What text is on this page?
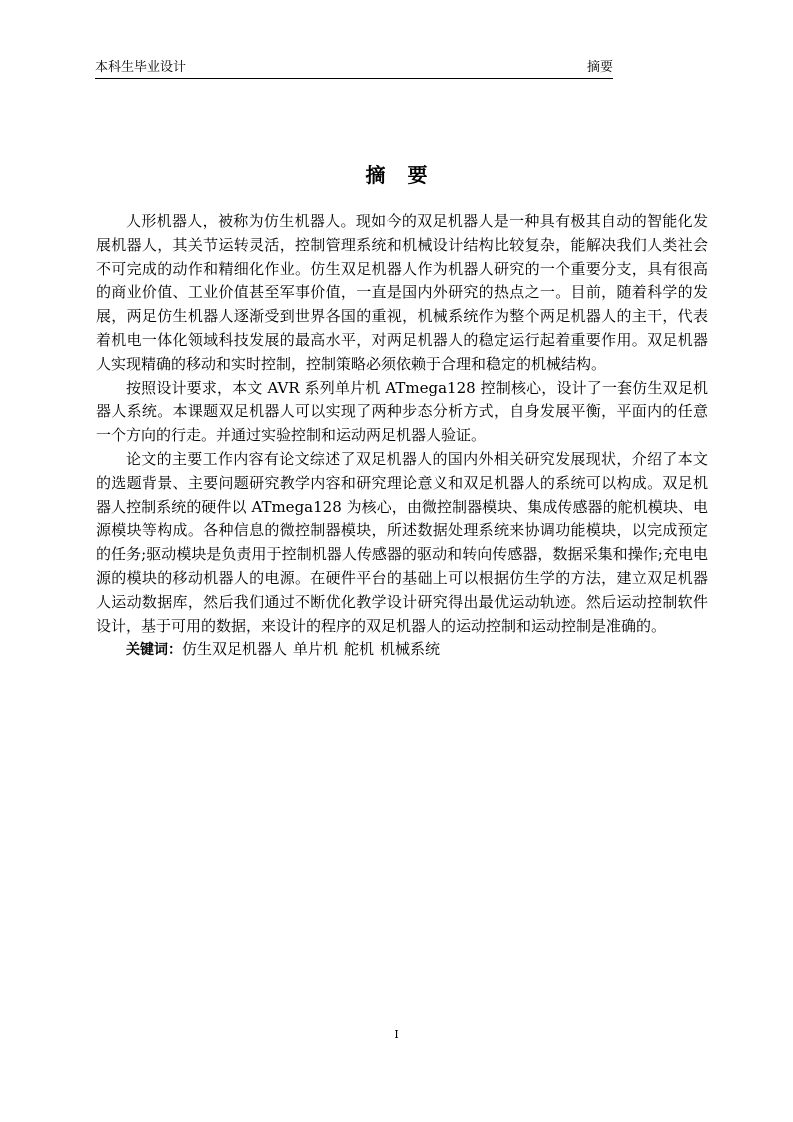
本科生毕业设计	摘要
摘要

人形机器人，被称为仿生机器人。现如今的双足机器人是一种具有极其自动的智能化发展机器人，其关节运转灵活，控制管理系统和机械设计结构比较复杂，能解决我们人类社会不可完成的动作和精细化作业。仿生双足机器人作为机器人研究的一个重要分支，具有很高的商业价值、工业价值甚至军事价值，一直是国内外研究的热点之一。目前，随着科学的发展，两足仿生机器人逐渐受到世界各国的重视，机械系统作为整个两足机器人的主干，代表着机电一体化领域科技发展的最高水平，对两足机器人的稳定运行起着重要作用。双足机器人实现精确的移动和实时控制，控制策略必须依赖于合理和稳定的机械结构。

按照设计要求，本文 AVR 系列单片机 ATmega128 控制核心，设计了一套仿生双足机器人系统。本课题双足机器人可以实现了两种步态分析方式，自身发展平衡，平面内的任意一个方向的行走。并通过实验控制和运动两足机器人验证。

论文的主要工作内容有论文综述了双足机器人的国内外相关研究发展现状，介绍了本文的选题背景、主要问题研究教学内容和研究理论意义和双足机器人的系统可以构成。双足机器人控制系统的硬件以 ATmega128 为核心，由微控制器模块、集成传感器的舵机模块、电源模块等构成。各种信息的微控制器模块，所述数据处理系统来协调功能模块，以完成预定的任务;驱动模块是负责用于控制机器人传感器的驱动和转向传感器，数据采集和操作;充电电源的模块的移动机器人的电源。在硬件平台的基础上可以根据仿生学的方法，建立双足机器人运动数据库，然后我们通过不断优化教学设计研究得出最优运动轨迹。然后运动控制软件设计，基于可用的数据，来设计的程序的双足机器人的运动控制和运动控制是准确的。

关键词：仿生双足机器人 单片机 舵机 机械系统

I
